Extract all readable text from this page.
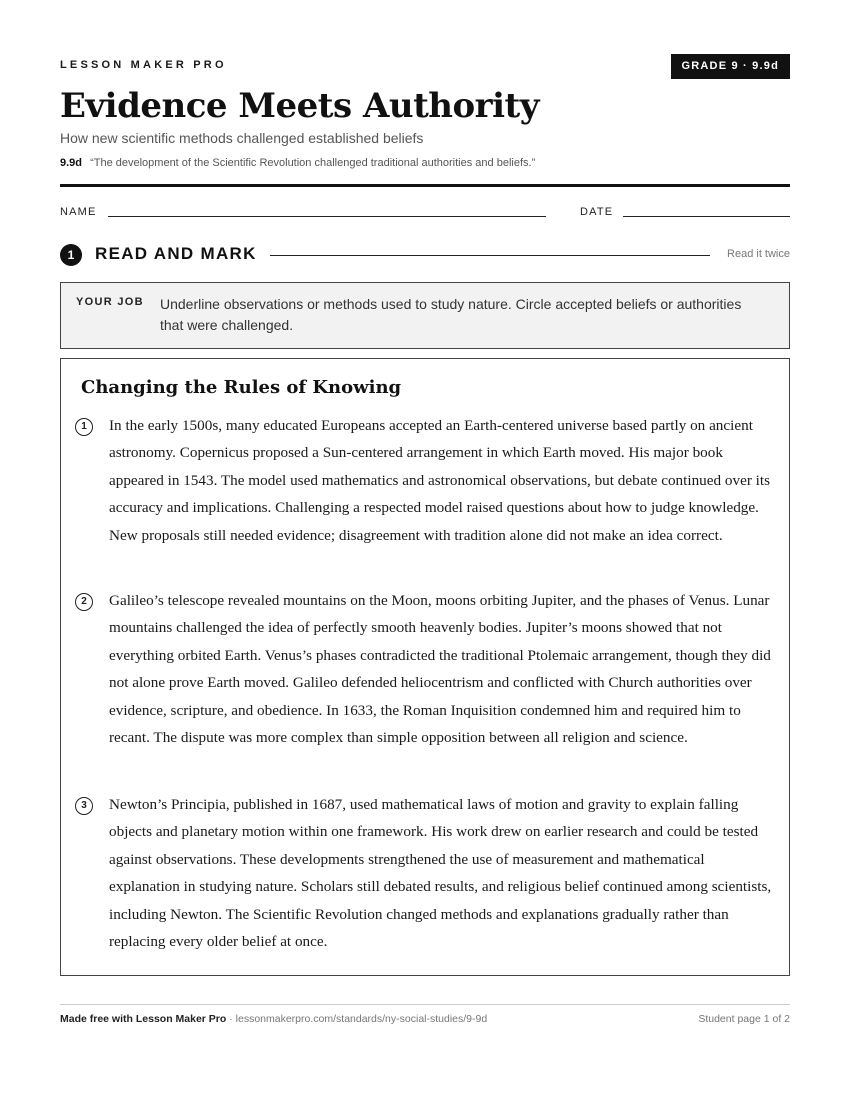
LESSON MAKER PRO	GRADE 9 · 9.9d
Evidence Meets Authority
How new scientific methods challenged established beliefs
9.9d “The development of the Scientific Revolution challenged traditional authorities and beliefs.”
NAME	DATE
1	READ AND MARK	Read it twice
YOUR JOB Underline observations or methods used to study nature. Circle accepted beliefs or authorities that were challenged.
Changing the Rules of Knowing
1	In the early 1500s, many educated Europeans accepted an Earth-centered universe based partly on ancient astronomy. Copernicus proposed a Sun-centered arrangement in which Earth moved. His major book appeared in 1543. The model used mathematics and astronomical observations, but debate continued over its accuracy and implications. Challenging a respected model raised questions about how to judge knowledge. New proposals still needed evidence; disagreement with tradition alone did not make an idea correct.
2	Galileo’s telescope revealed mountains on the Moon, moons orbiting Jupiter, and the phases of Venus. Lunar mountains challenged the idea of perfectly smooth heavenly bodies. Jupiter’s moons showed that not everything orbited Earth. Venus’s phases contradicted the traditional Ptolemaic arrangement, though they did not alone prove Earth moved. Galileo defended heliocentrism and conflicted with Church authorities over evidence, scripture, and obedience. In 1633, the Roman Inquisition condemned him and required him to recant. The dispute was more complex than simple opposition between all religion and science.
3	Newton’s Principia, published in 1687, used mathematical laws of motion and gravity to explain falling objects and planetary motion within one framework. His work drew on earlier research and could be tested against observations. These developments strengthened the use of measurement and mathematical explanation in studying nature. Scholars still debated results, and religious belief continued among scientists, including Newton. The Scientific Revolution changed methods and explanations gradually rather than replacing every older belief at once.
Made free with Lesson Maker Pro · lessonmakerpro.com/standards/ny-social-studies/9-9d	Student page 1 of 2
